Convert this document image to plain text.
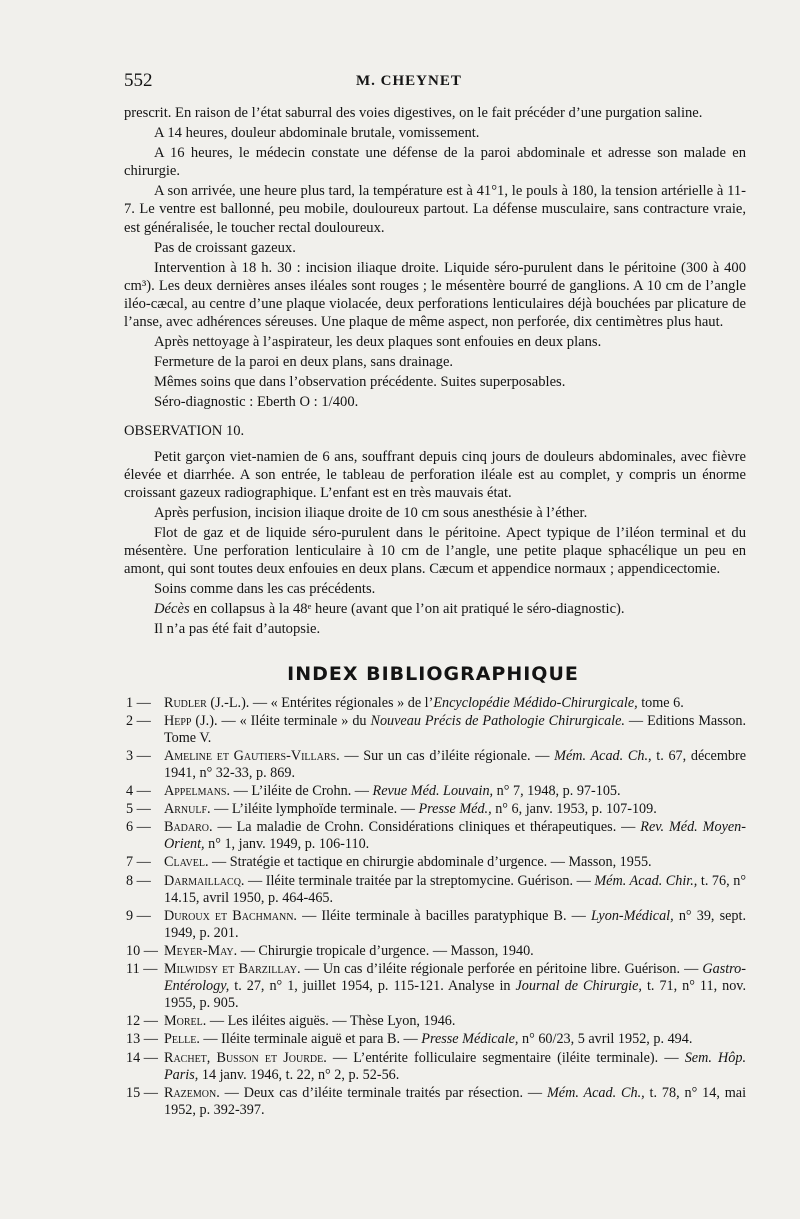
552	M. CHEYNET

prescrit. En raison de l’état saburral des voies digestives, on le fait précéder d’une purgation saline.

A 14 heures, douleur abdominale brutale, vomissement.

A 16 heures, le médecin constate une défense de la paroi abdominale et adresse son malade en chirurgie.

A son arrivée, une heure plus tard, la température est à 41°1, le pouls à 180, la tension artérielle à 11-7. Le ventre est ballonné, peu mobile, douloureux partout. La défense musculaire, sans contracture vraie, est généralisée, le toucher rectal douloureux.

Pas de croissant gazeux.

Intervention à 18 h. 30 : incision iliaque droite. Liquide séro-purulent dans le péritoine (300 à 400 cm³). Les deux dernières anses iléales sont rouges ; le mésentère bourré de ganglions. A 10 cm de l’angle iléo-cæcal, au centre d’une plaque violacée, deux perforations lenticulaires déjà bouchées par plicature de l’anse, avec adhérences séreuses. Une plaque de même aspect, non perforée, dix centimètres plus haut.

Après nettoyage à l’aspirateur, les deux plaques sont enfouies en deux plans.

Fermeture de la paroi en deux plans, sans drainage.

Mêmes soins que dans l’observation précédente. Suites superposables.

Séro-diagnostic : Eberth O : 1/400.

OBSERVATION 10.

Petit garçon viet-namien de 6 ans, souffrant depuis cinq jours de douleurs abdominales, avec fièvre élevée et diarrhée. A son entrée, le tableau de perforation iléale est au complet, y compris un énorme croissant gazeux radiographique. L’enfant est en très mauvais état.

Après perfusion, incision iliaque droite de 10 cm sous anesthésie à l’éther.

Flot de gaz et de liquide séro-purulent dans le péritoine. Apect typique de l’iléon terminal et du mésentère. Une perforation lenticulaire à 10 cm de l’angle, une petite plaque sphacélique un peu en amont, qui sont toutes deux enfouies en deux plans. Cæcum et appendice normaux ; appendicectomie.

Soins comme dans les cas précédents.

Décès en collapsus à la 48ᵉ heure (avant que l’on ait pratiqué le séro-diagnostic).

Il n’a pas été fait d’autopsie.

INDEX BIBLIOGRAPHIQUE
1 — Rudler (J.-L.). — « Entérites régionales » de l’Encyclopédie Médido-Chirurgicale, tome 6.
2 — Hepp (J.). — « Iléite terminale » du Nouveau Précis de Pathologie Chirurgicale. — Editions Masson. Tome V.
3 — Ameline et Gautiers-Villars. — Sur un cas d’iléite régionale. — Mém. Acad. Ch., t. 67, décembre 1941, n° 32-33, p. 869.
4 — Appelmans. — L’iléite de Crohn. — Revue Méd. Louvain, n° 7, 1948, p. 97-105.
5 — Arnulf. — L’iléite lymphoïde terminale. — Presse Méd., n° 6, janv. 1953, p. 107-109.
6 — Badaro. — La maladie de Crohn. Considérations cliniques et thérapeutiques. — Rev. Méd. Moyen-Orient, n° 1, janv. 1949, p. 106-110.
7 — Clavel. — Stratégie et tactique en chirurgie abdominale d’urgence. — Masson, 1955.
8 — Darmaillacq. — Iléite terminale traitée par la streptomycine. Guérison. — Mém. Acad. Chir., t. 76, n° 14.15, avril 1950, p. 464-465.
9 — Duroux et Bachmann. — Iléite terminale à bacilles paratyphique B. — Lyon-Médical, n° 39, sept. 1949, p. 201.
10 — Meyer-May. — Chirurgie tropicale d’urgence. — Masson, 1940.
11 — Milwidsy et Barzillay. — Un cas d’iléite régionale perforée en péritoine libre. Guérison. — Gastro-Entérology, t. 27, n° 1, juillet 1954, p. 115-121. Analyse in Journal de Chirurgie, t. 71, n° 11, nov. 1955, p. 905.
12 — Morel. — Les iléites aiguës. — Thèse Lyon, 1946.
13 — Pelle. — Iléite terminale aiguë et para B. — Presse Médicale, n° 60/23, 5 avril 1952, p. 494.
14 — Rachet, Busson et Jourde. — L’entérite folliculaire segmentaire (iléite terminale). — Sem. Hôp. Paris, 14 janv. 1946, t. 22, n° 2, p. 52-56.
15 — Razemon. — Deux cas d’iléite terminale traités par résection. — Mém. Acad. Ch., t. 78, n° 14, mai 1952, p. 392-397.
